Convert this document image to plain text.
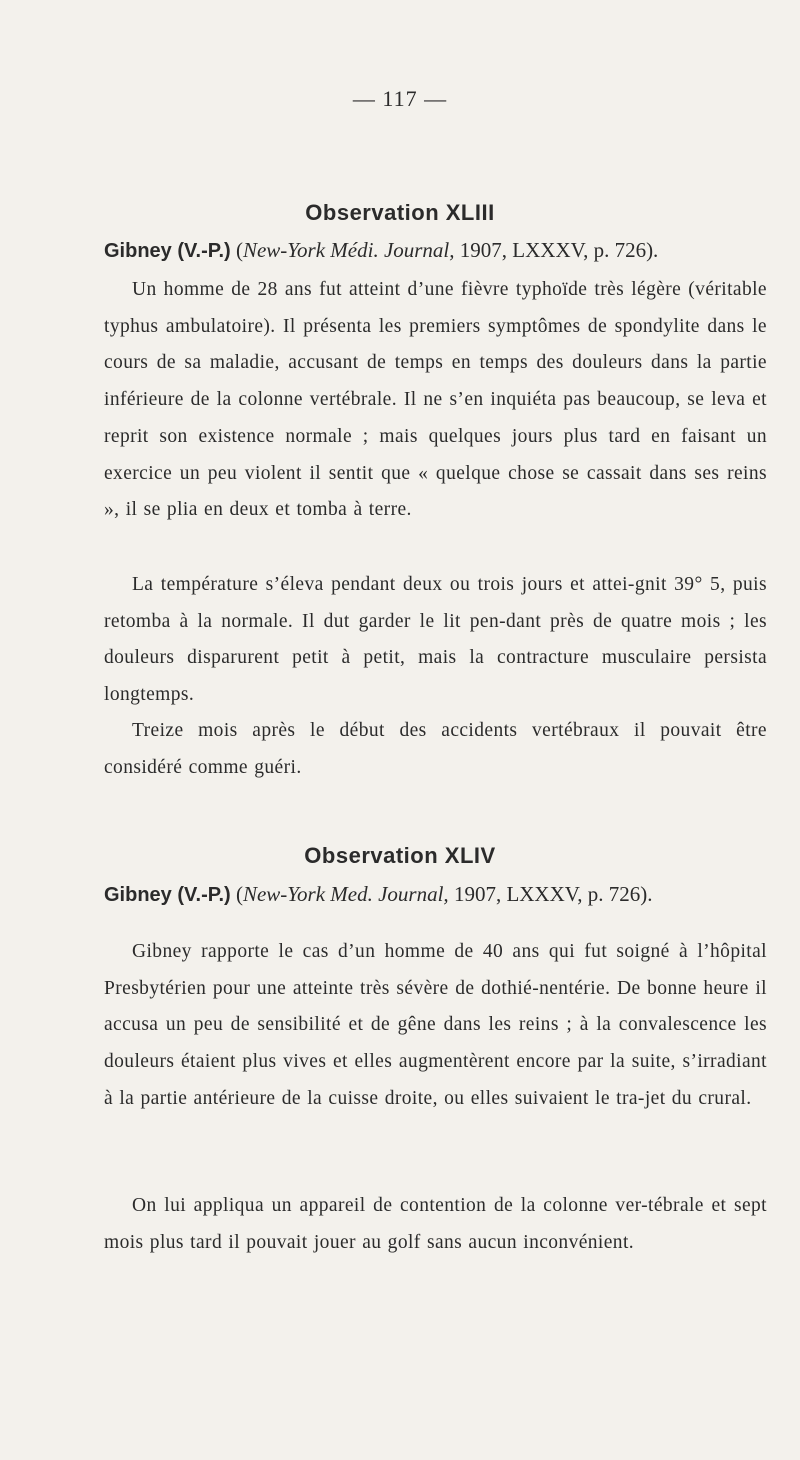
— 117 —
Observation XLIII
Gibney (V.-P.) (New-York Médi. Journal, 1907, LXXXV, p. 726).
Un homme de 28 ans fut atteint d’une fièvre typhoïde très légère (véritable typhus ambulatoire). Il présenta les premiers symptômes de spondylite dans le cours de sa maladie, accusant de temps en temps des douleurs dans la partie inférieure de la colonne vertébrale. Il ne s’en inquiéta pas beaucoup, se leva et reprit son existence normale ; mais quelques jours plus tard en faisant un exercice un peu violent il sentit que « quelque chose se cassait dans ses reins », il se plia en deux et tomba à terre.
La température s’éleva pendant deux ou trois jours et attei-gnit 39° 5, puis retomba à la normale. Il dut garder le lit pen-dant près de quatre mois ; les douleurs disparurent petit à petit, mais la contracture musculaire persista longtemps.
Treize mois après le début des accidents vertébraux il pouvait être considéré comme guéri.
Observation XLIV
Gibney (V.-P.) (New-York Med. Journal, 1907, LXXXV, p. 726).
Gibney rapporte le cas d’un homme de 40 ans qui fut soigné à l’hôpital Presbytérien pour une atteinte très sévère de dothié-nentérie. De bonne heure il accusa un peu de sensibilité et de gêne dans les reins ; à la convalescence les douleurs étaient plus vives et elles augmentèrent encore par la suite, s’irradiant à la partie antérieure de la cuisse droite, ou elles suivaient le tra-jet du crural.
On lui appliqua un appareil de contention de la colonne ver-tébrale et sept mois plus tard il pouvait jouer au golf sans aucun inconvénient.
